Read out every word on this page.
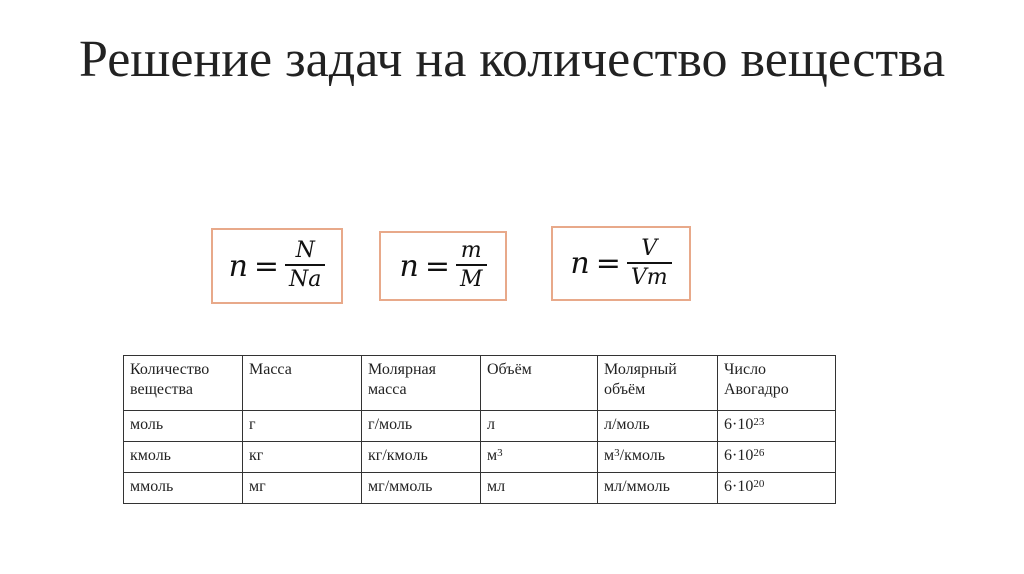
Решение задач на количество вещества
$n = \frac{N}{Na}$ $n = \frac{m}{M}$	$n = \frac{V}{Vm}$
Количество вещества	Масса	Молярная масса	Объём	Молярный объём	Число Авогадро
моль	г	г/моль	л	л/моль	$6\cdot 10^{23}$
кмоль	кг	кг/кмоль	$м^3$	$м^3$/кмоль	$6\cdot 10^{26}$
ммоль	мг	мг/ммоль	мл	мл/ммоль	$6\cdot 10^{20}$
